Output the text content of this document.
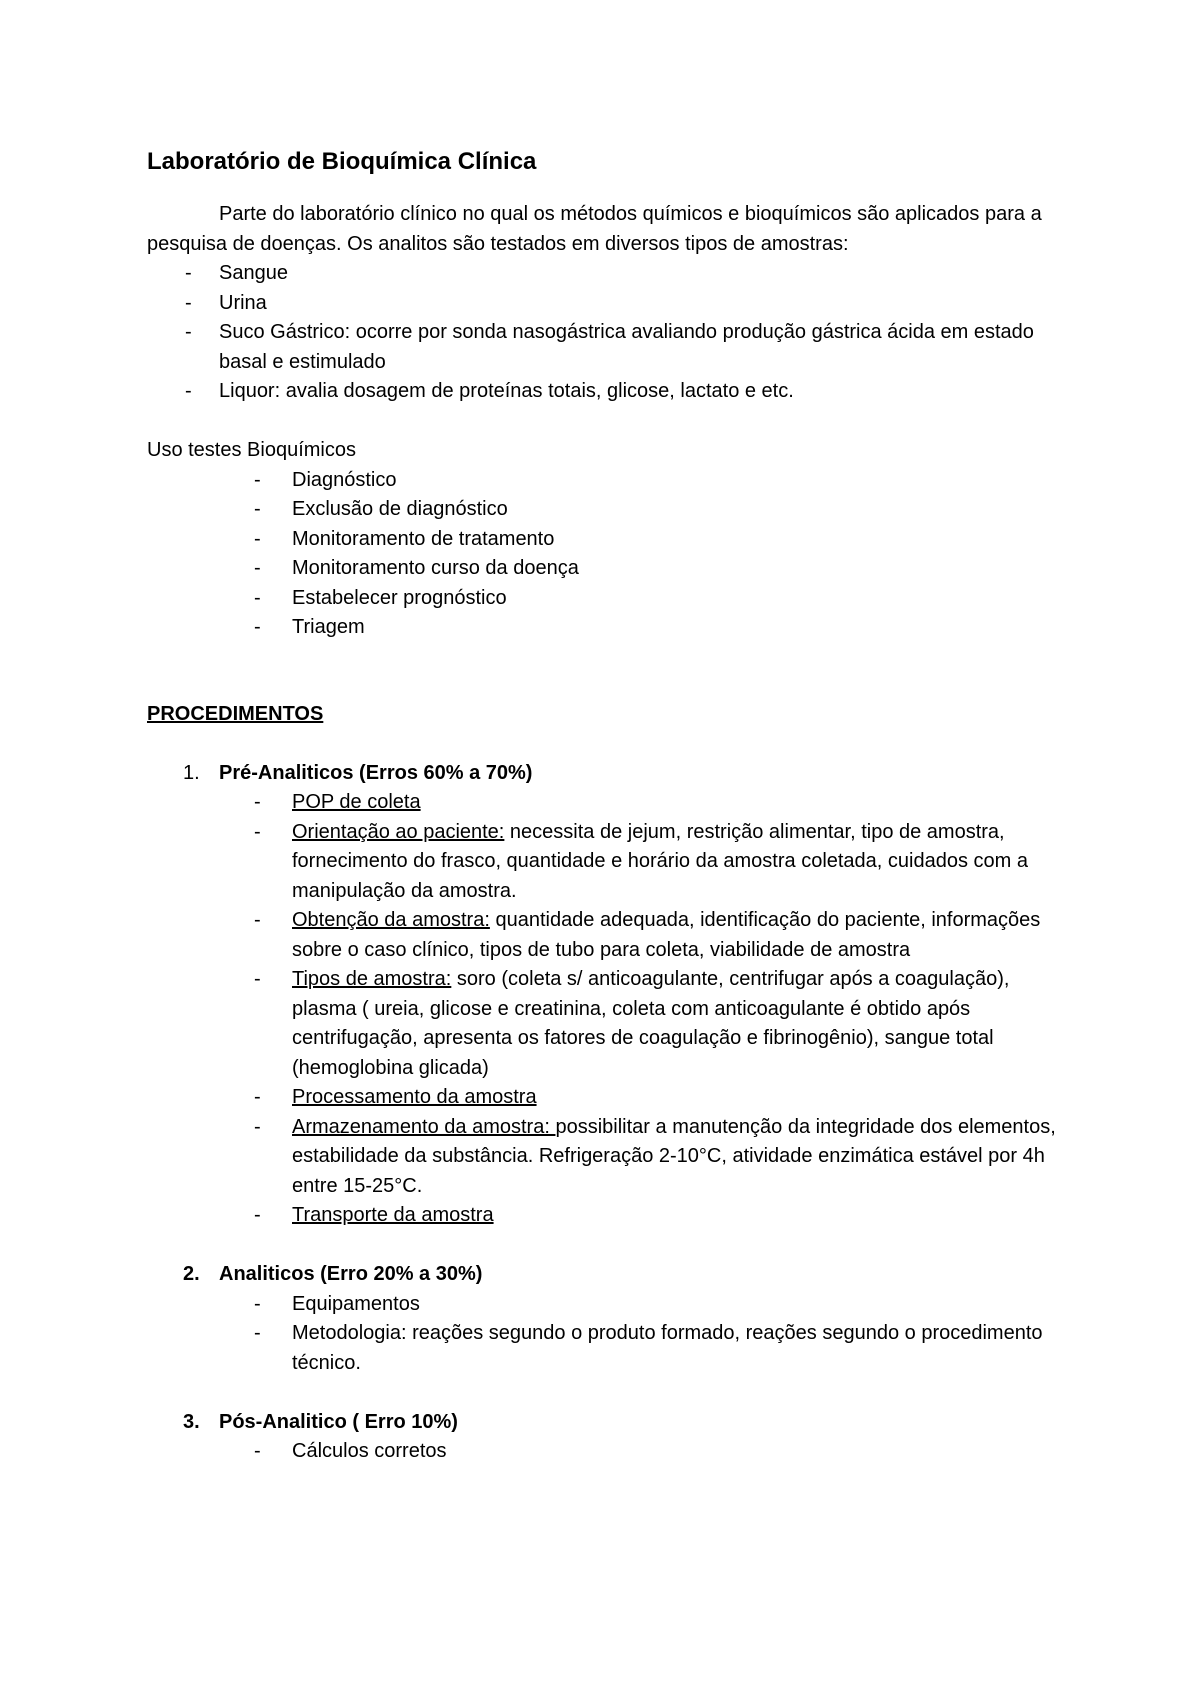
Laboratório de Bioquímica Clínica

Parte do laboratório clínico no qual os métodos químicos e bioquímicos são aplicados para a pesquisa de doenças. Os analitos são testados em diversos tipos de amostras:

- Sangue
- Urina
- Suco Gástrico: ocorre por sonda nasogástrica avaliando produção gástrica ácida em estado basal e estimulado
- Liquor: avalia dosagem de proteínas totais, glicose, lactato e etc.
Uso testes Bioquímicos
- Diagnóstico
- Exclusão de diagnóstico
- Monitoramento de tratamento
- Monitoramento curso da doença
- Estabelecer prognóstico
- Triagem
PROCEDIMENTOS
1. Pré-Analiticos (Erros 60% a 70%)
- POP de coleta
- Orientação ao paciente: necessita de jejum, restrição alimentar, tipo de amostra, fornecimento do frasco, quantidade e horário da amostra coletada, cuidados com a manipulação da amostra.
- Obtenção da amostra: quantidade adequada, identificação do paciente, informações sobre o caso clínico, tipos de tubo para coleta, viabilidade de amostra
- Tipos de amostra: soro (coleta s/ anticoagulante, centrifugar após a coagulação), plasma ( ureia, glicose e creatinina, coleta com anticoagulante é obtido após centrifugação, apresenta os fatores de coagulação e fibrinogênio), sangue total (hemoglobina glicada)
- Processamento da amostra
- Armazenamento da amostra: possibilitar a manutenção da integridade dos elementos, estabilidade da substância. Refrigeração 2-10°C, atividade enzimática estável por 4h entre 15-25°C.
- Transporte da amostra
2. Analiticos (Erro 20% a 30%)
- Equipamentos
- Metodologia: reações segundo o produto formado, reações segundo o procedimento técnico.
3. Pós-Analitico ( Erro 10%)
- Cálculos corretos
